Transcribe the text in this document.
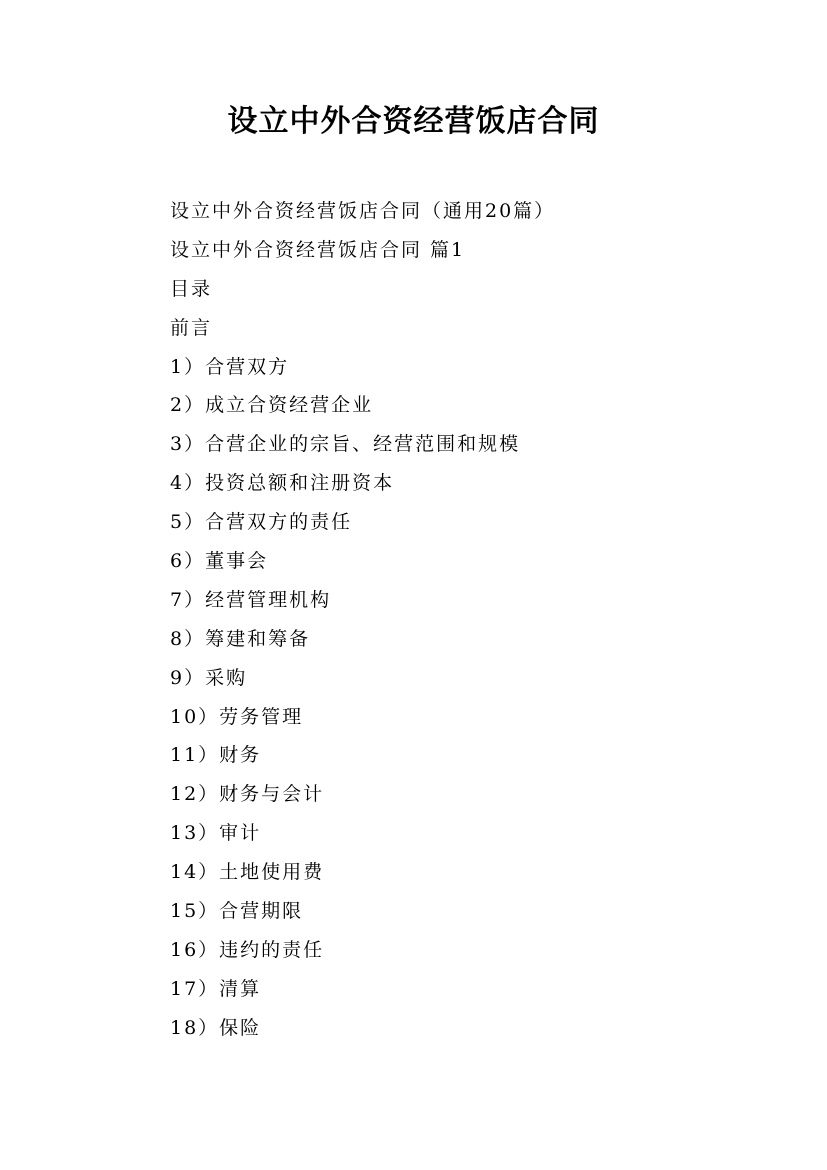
设立中外合资经营饭店合同
设立中外合资经营饭店合同（通用20篇）
设立中外合资经营饭店合同 篇1
目录
前言
1）合营双方
2）成立合资经营企业
3）合营企业的宗旨、经营范围和规模
4）投资总额和注册资本
5）合营双方的责任
6）董事会
7）经营管理机构
8）筹建和筹备
9）采购
10）劳务管理
11）财务
12）财务与会计
13）审计
14）土地使用费
15）合营期限
16）违约的责任
17）清算
18）保险
